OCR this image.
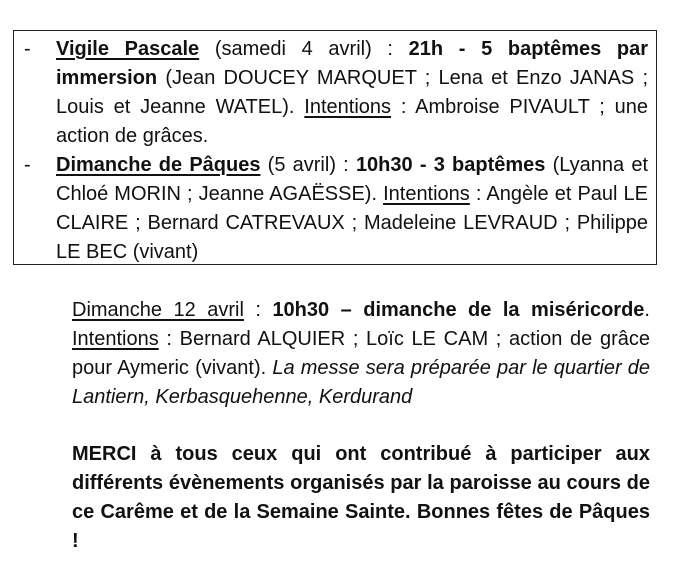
-	Vigile Pascale (samedi 4 avril) : 21h - 5 baptêmes par immersion (Jean DOUCEY MARQUET ; Lena et Enzo JANAS ; Louis et Jeanne WATEL). Intentions : Ambroise PIVAULT ; une action de grâces.
-	Dimanche de Pâques (5 avril) : 10h30 - 3 baptêmes (Lyanna et Chloé MORIN ; Jeanne AGAËSSE). Intentions : Angèle et Paul LE CLAIRE ; Bernard CATREVAUX ; Madeleine LEVRAUD ; Philippe LE BEC (vivant)
Dimanche 12 avril : 10h30 – dimanche de la miséricorde. Intentions : Bernard ALQUIER ; Loïc LE CAM ; action de grâce pour Aymeric (vivant). La messe sera préparée par le quartier de Lantiern, Kerbasquehenne, Kerdurand
MERCI à tous ceux qui ont contribué à participer aux différents évènements organisés par la paroisse au cours de ce Carême et de la Semaine Sainte. Bonnes fêtes de Pâques !
